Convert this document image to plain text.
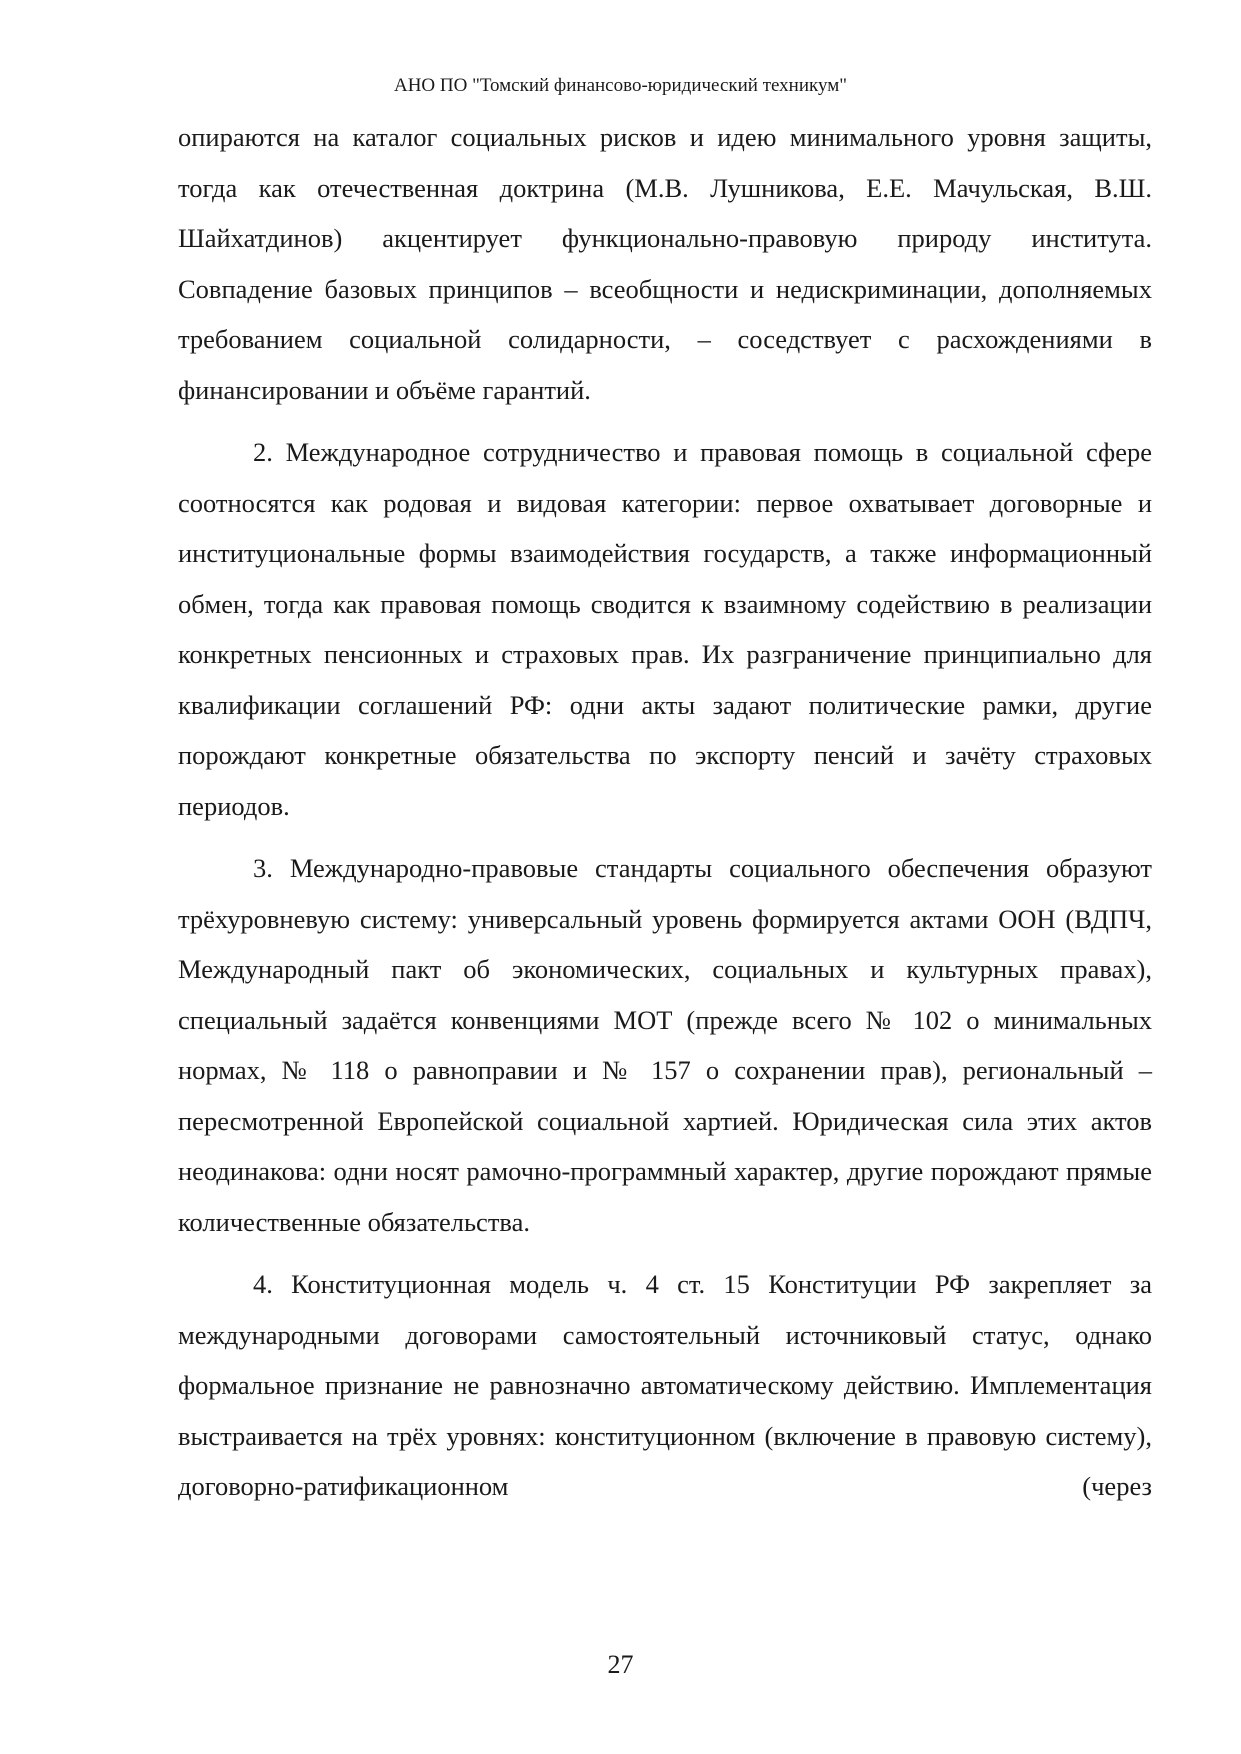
АНО ПО "Томский финансово-юридический техникум"

опираются на каталог социальных рисков и идею минимального уровня защиты, тогда как отечественная доктрина (М.В. Лушникова, Е.Е. Мачульская, В.Ш. Шайхатдинов) акцентирует функционально-правовую природу института. Совпадение базовых принципов – всеобщности и недискриминации, дополняемых требованием социальной солидарности, – соседствует с расхождениями в финансировании и объёме гарантий.

2. Международное сотрудничество и правовая помощь в социальной сфере соотносятся как родовая и видовая категории: первое охватывает договорные и институциональные формы взаимодействия государств, а также информационный обмен, тогда как правовая помощь сводится к взаимному содействию в реализации конкретных пенсионных и страховых прав. Их разграничение принципиально для квалификации соглашений РФ: одни акты задают политические рамки, другие порождают конкретные обязательства по экспорту пенсий и зачёту страховых периодов.

3. Международно-правовые стандарты социального обеспечения образуют трёхуровневую систему: универсальный уровень формируется актами ООН (ВДПЧ, Международный пакт об экономических, социальных и культурных правах), специальный задаётся конвенциями МОТ (прежде всего № 102 о минимальных нормах, № 118 о равноправии и № 157 о сохранении прав), региональный – пересмотренной Европейской социальной хартией. Юридическая сила этих актов неодинакова: одни носят рамочно-программный характер, другие порождают прямые количественные обязательства.

4. Конституционная модель ч. 4 ст. 15 Конституции РФ закрепляет за международными договорами самостоятельный источниковый статус, однако формальное признание не равнозначно автоматическому действию. Имплементация выстраивается на трёх уровнях: конституционном (включение в правовую систему), договорно-ратификационном (через

27
